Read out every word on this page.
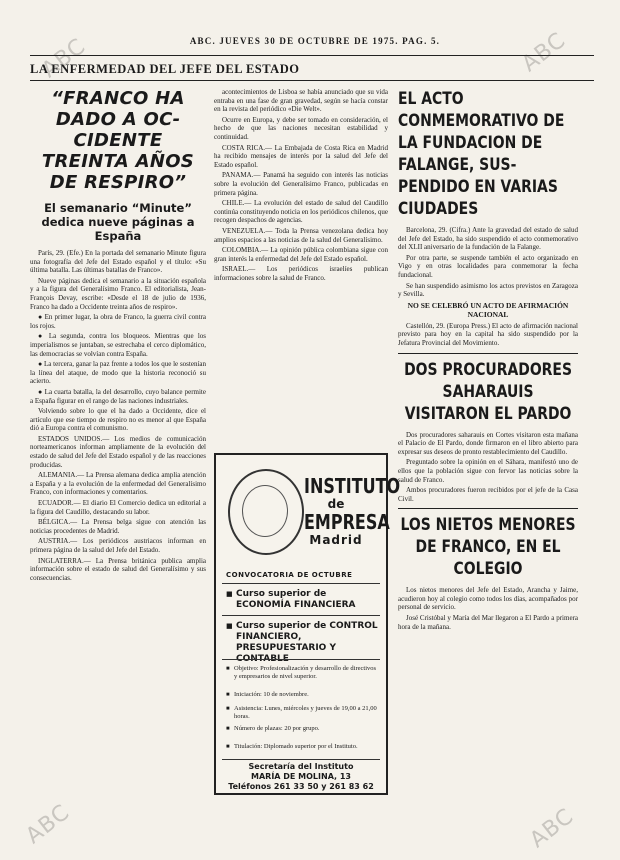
ABC	ABC
ABC	ABC
ABC. JUEVES 30 DE OCTUBRE DE 1975. PAG. 5.
LA ENFERMEDAD DEL JEFE DEL ESTADO
“FRANCO HA DADO A OCCIDENTE TREINTA AÑOS DE RESPIRO”
El semanario “Minute” dedica nueve páginas a España

París, 29. (Efe.) En la portada del semanario Minute figura una fotografía del Jefe del Estado español y el título: «Su última batalla. Las últimas batallas de Franco».

Nueve páginas dedica el semanario a la situación española y a la figura del Generalísimo Franco. El editorialista, Jean-François Devay, escribe: «Desde el 18 de julio de 1936, Franco ha dado a Occidente treinta años de respiro».

● En primer lugar, la obra de Franco, la guerra civil contra los rojos.

● La segunda, contra los bloqueos. Mientras que los imperialismos se juntaban, se estrechaba el cerco diplomático, las democracias se volvían contra España.

● La tercera, ganar la paz frente a todos los que le sostenían la línea del ataque, de modo que la historia reconoció su acierto.

● La cuarta batalla, la del desarrollo, cuyo balance permite a España figurar en el rango de las naciones industriales.

Volviendo sobre lo que el ha dado a Occidente, dice el artículo que ese tiempo de respiro no es menor al que España dió a Europa contra el comunismo.

ESTADOS UNIDOS.— Los medios de comunicación norteamericanos informan ampliamente de la evolución del estado de salud del Jefe del Estado español y de las reacciones producidas.

ALEMANIA.— La Prensa alemana dedica amplia atención a España y a la evolución de la enfermedad del Generalísimo Franco, con informaciones y comentarios.

ECUADOR.— El diario El Comercio dedica un editorial a la figura del Caudillo, destacando su labor.

BÉLGICA.— La Prensa belga sigue con atención las noticias procedentes de Madrid.

AUSTRIA.— Los periódicos austriacos informan en primera página de la salud del Jefe del Estado.

INGLATERRA.— La Prensa británica publica amplia información sobre el estado de salud del Generalísimo y sus consecuencias.

acontecimientos de Lisboa se había anunciado que su vida entraba en una fase de gran gravedad, según se hacía constar en la revista del periódico «Die Welt».

Ocurre en Europa, y debe ser tomado en consideración, el hecho de que las naciones necesitan estabilidad y continuidad.

COSTA RICA.— La Embajada de Costa Rica en Madrid ha recibido mensajes de interés por la salud del Jefe del Estado español.

PANAMA.— Panamá ha seguido con interés las noticias sobre la evolución del Generalísimo Franco, publicadas en primera página.

CHILE.— La evolución del estado de salud del Caudillo continúa constituyendo noticia en los periódicos chilenos, que recogen despachos de agencias.

VENEZUELA.— Toda la Prensa venezolana dedica hoy amplios espacios a las noticias de la salud del Generalísimo.

COLOMBIA.— La opinión pública colombiana sigue con gran interés la enfermedad del Jefe del Estado español.

ISRAEL.— Los periódicos israelíes publican informaciones sobre la salud de Franco.

INSTITUTO
de
EMPRESA
Madrid
CONVOCATORIA DE OCTUBRE
■ Curso superior de ECONOMÍA FINANCIERA
■ Curso superior de CONTROL FINANCIERO, PRESUPUESTARIO Y CONTABLE
■ Objetivo: Profesionalización y desarrollo de directivos y empresarios de nivel superior.
■ Iniciación: 10 de noviembre.
■ Asistencia: Lunes, miércoles y jueves de 19,00 a 21,00 horas.
■ Número de plazas: 20 por grupo.
■ Titulación: Diplomado superior por el Instituto.
Secretaría del Instituto
MARÍA DE MOLINA, 13
Teléfonos 261 33 50 y 261 83 62
EL ACTO CONMEMORATIVO DE LA FUNDACION DE FALANGE, SUSPENDIDO EN VARIAS CIUDADES

Barcelona, 29. (Cifra.) Ante la gravedad del estado de salud del Jefe del Estado, ha sido suspendido el acto conmemorativo del XLII aniversario de la fundación de la Falange.

Por otra parte, se suspende también el acto organizado en Vigo y en otras localidades para conmemorar la fecha fundacional.

Se han suspendido asimismo los actos previstos en Zaragoza y Sevilla.

NO SE CELEBRÓ UN ACTO DE AFIRMACIÓN NACIONAL

Castellón, 29. (Europa Press.) El acto de afirmación nacional previsto para hoy en la capital ha sido suspendido por la Jefatura Provincial del Movimiento.

DOS PROCURADORES SAHARAUIS VISITARON EL PARDO

Dos procuradores saharauis en Cortes visitaron esta mañana el Palacio de El Pardo, donde firmaron en el libro abierto para expresar sus deseos de pronto restablecimiento del Caudillo.

Preguntado sobre la opinión en el Sáhara, manifestó uno de ellos que la población sigue con fervor las noticias sobre la salud de Franco.

Ambos procuradores fueron recibidos por el jefe de la Casa Civil.

LOS NIETOS MENORES DE FRANCO, EN EL COLEGIO

Los nietos menores del Jefe del Estado, Arancha y Jaime, acudieron hoy al colegio como todos los días, acompañados por personal de servicio.

José Cristóbal y María del Mar llegaron a El Pardo a primera hora de la mañana.
